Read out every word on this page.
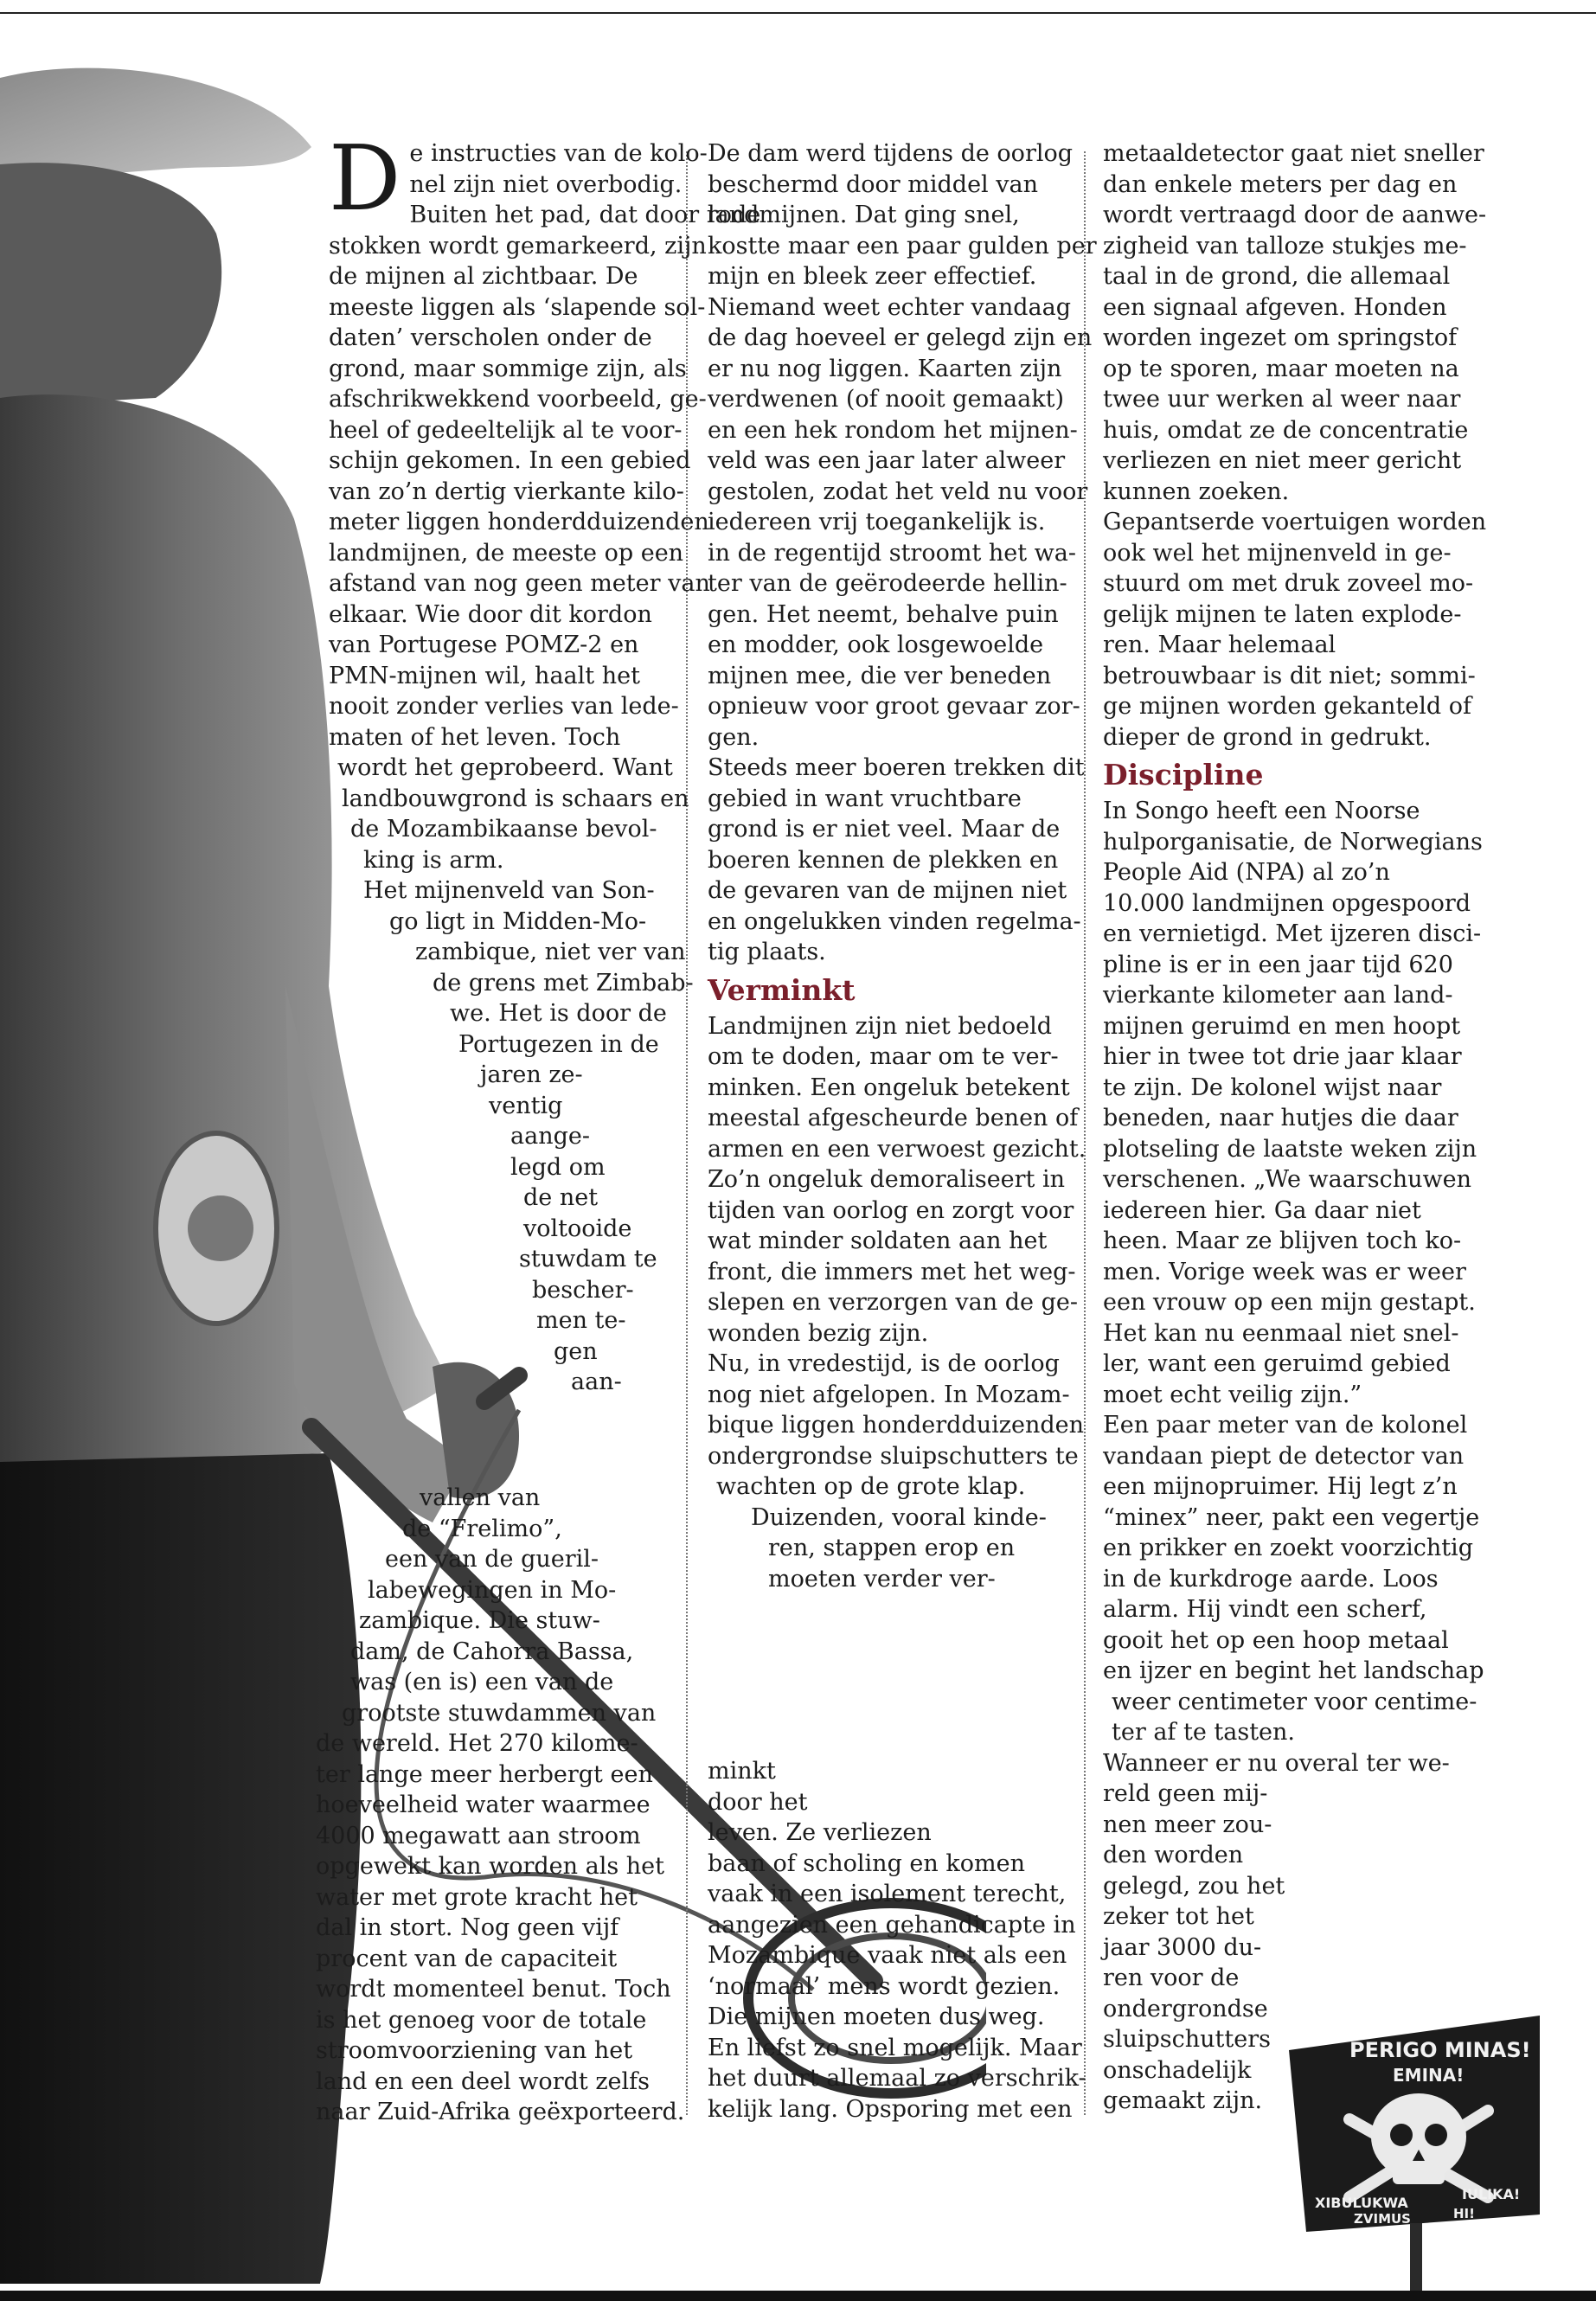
D e instructies van de kolo-
nel zijn niet overbodig.
Buiten het pad, dat door rode
stokken wordt gemarkeerd, zijn
de mijnen al zichtbaar. De
meeste liggen als ‘slapende sol-
daten’ verscholen onder de
grond, maar sommige zijn, als
afschrikwekkend voorbeeld, ge-
heel of gedeeltelijk al te voor-
schijn gekomen. In een gebied
van zo’n dertig vierkante kilo-
meter liggen honderdduizenden
landmijnen, de meeste op een
afstand van nog geen meter van
elkaar. Wie door dit kordon
van Portugese POMZ-2 en
PMN-mijnen wil, haalt het
nooit zonder verlies van lede-
maten of het leven. Toch
wordt het geprobeerd. Want
landbouwgrond is schaars en
de Mozambikaanse bevol-
king is arm.
Het mijnenveld van Son-
go ligt in Midden-Mo-
zambique, niet ver van
de grens met Zimbab-
we. Het is door de
Portugezen in de
jaren ze-
ventig
aange-
legd om
de net
voltooide
stuwdam te
bescher-
men te-
gen
aan-
vallen van
de “Frelimo”,
een van de gueril-
labewegingen in Mo-
zambique. Die stuw-
dam, de Cahorra Bassa,
was (en is) een van de
grootste stuwdammen van
de wereld. Het 270 kilome-
ter lange meer herbergt een
hoeveelheid water waarmee
4000 megawatt aan stroom
opgewekt kan worden als het
water met grote kracht het
dal in stort. Nog geen vijf
procent van de capaciteit
wordt momenteel benut. Toch
is het genoeg voor de totale
stroomvoorziening van het
land en een deel wordt zelfs
naar Zuid-Afrika geëxporteerd.
De dam werd tijdens de oorlog
beschermd door middel van
landmijnen. Dat ging snel,
kostte maar een paar gulden per
mijn en bleek zeer effectief.
Niemand weet echter vandaag
de dag hoeveel er gelegd zijn en
er nu nog liggen. Kaarten zijn
verdwenen (of nooit gemaakt)
en een hek rondom het mijnen-
veld was een jaar later alweer
gestolen, zodat het veld nu voor
iedereen vrij toegankelijk is.
in de regentijd stroomt het wa-
ter van de geërodeerde hellin-
gen. Het neemt, behalve puin
en modder, ook losgewoelde
mijnen mee, die ver beneden
opnieuw voor groot gevaar zor-
gen.
Steeds meer boeren trekken dit
gebied in want vruchtbare
grond is er niet veel. Maar de
boeren kennen de plekken en
de gevaren van de mijnen niet
en ongelukken vinden regelma-
tig plaats.
Verminkt
Landmijnen zijn niet bedoeld
om te doden, maar om te ver-
minken. Een ongeluk betekent
meestal afgescheurde benen of
armen en een verwoest gezicht.
Zo’n ongeluk demoraliseert in
tijden van oorlog en zorgt voor
wat minder soldaten aan het
front, die immers met het weg-
slepen en verzorgen van de ge-
wonden bezig zijn.
Nu, in vredestijd, is de oorlog
nog niet afgelopen. In Mozam-
bique liggen honderdduizenden
ondergrondse sluipschutters te
wachten op de grote klap.
Duizenden, vooral kinde-
ren, stappen erop en
moeten verder ver-
minkt
door het
leven. Ze verliezen
baan of scholing en komen
vaak in een isolement terecht,
aangezien een gehandicapte in
Mozambique vaak niet als een
‘normaal’ mens wordt gezien.
Die mijnen moeten dus weg.
En liefst zo snel mogelijk. Maar
het duurt allemaal zo verschrik-
kelijk lang. Opsporing met een
metaaldetector gaat niet sneller
dan enkele meters per dag en
wordt vertraagd door de aanwe-
zigheid van talloze stukjes me-
taal in de grond, die allemaal
een signaal afgeven. Honden
worden ingezet om springstof
op te sporen, maar moeten na
twee uur werken al weer naar
huis, omdat ze de concentratie
verliezen en niet meer gericht
kunnen zoeken.
Gepantserde voertuigen worden
ook wel het mijnenveld in ge-
stuurd om met druk zoveel mo-
gelijk mijnen te laten explode-
ren. Maar helemaal
betrouwbaar is dit niet; sommi-
ge mijnen worden gekanteld of
dieper de grond in gedrukt.
Discipline
In Songo heeft een Noorse
hulporganisatie, de Norwegians
People Aid (NPA) al zo’n
10.000 landmijnen opgespoord
en vernietigd. Met ijzeren disci-
pline is er in een jaar tijd 620
vierkante kilometer aan land-
mijnen geruimd en men hoopt
hier in twee tot drie jaar klaar
te zijn. De kolonel wijst naar
beneden, naar hutjes die daar
plotseling de laatste weken zijn
verschenen. „We waarschuwen
iedereen hier. Ga daar niet
heen. Maar ze blijven toch ko-
men. Vorige week was er weer
een vrouw op een mijn gestapt.
Het kan nu eenmaal niet snel-
ler, want een geruimd gebied
moet echt veilig zijn.”
Een paar meter van de kolonel
vandaan piept de detector van
een mijnopruimer. Hij legt z’n
“minex” neer, pakt een vegertje
en prikker en zoekt voorzichtig
in de kurkdroge aarde. Loos
alarm. Hij vindt een scherf,
gooit het op een hoop metaal
en ijzer en begint het landschap
weer centimeter voor centime-
ter af te tasten.
Wanneer er nu overal ter we-
reld geen mij-
nen meer zou-
den worden
gelegd, zou het
zeker tot het
jaar 3000 du-
ren voor de
ondergrondse
sluipschutters
onschadelijk
gemaakt zijn.
PERIGO MINAS!
EMINA!
XIBULUKWA
IULIKA!
ZVIMUS	HI!
